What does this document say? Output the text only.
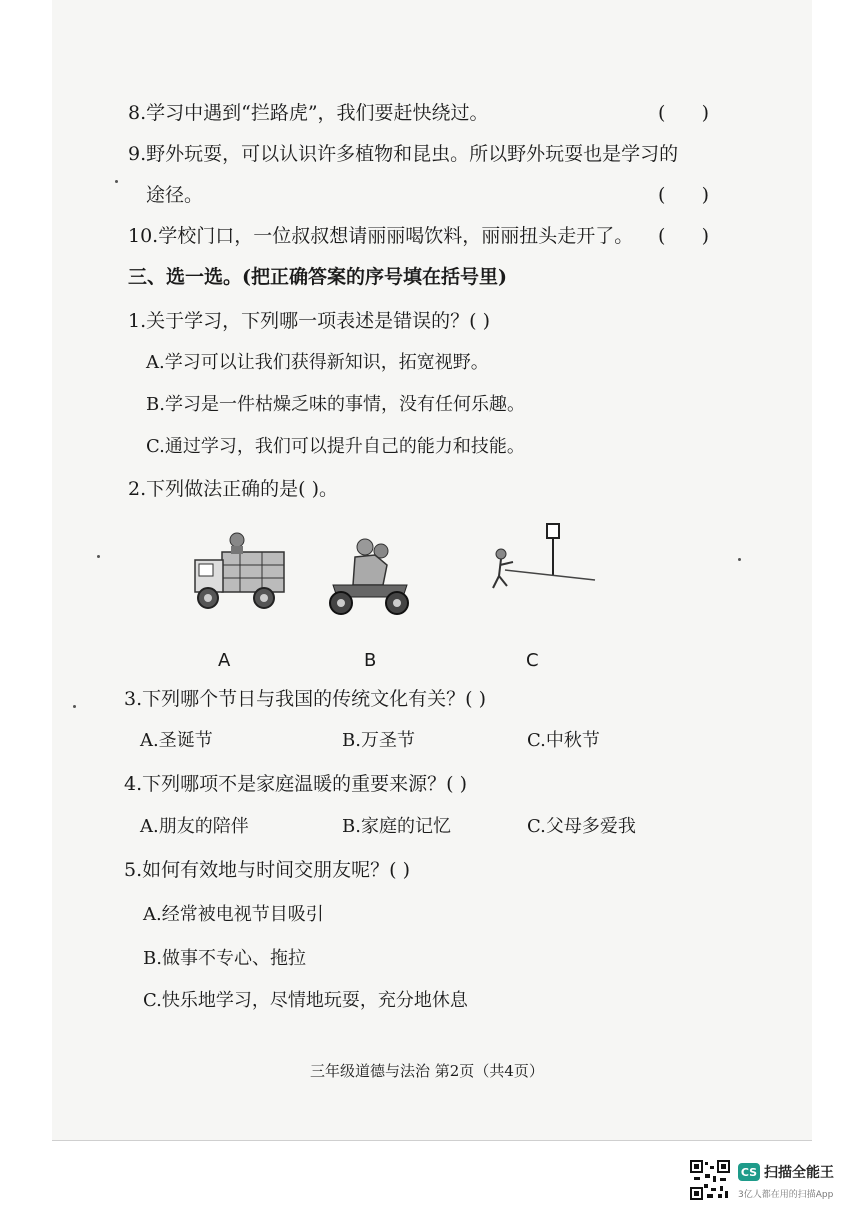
8.学习中遇到“拦路虎”，我们要赶快绕过。	(      )
9.野外玩耍，可以认识许多植物和昆虫。所以野外玩耍也是学习的
途径。	(      )
10.学校门口，一位叔叔想请丽丽喝饮料，丽丽扭头走开了。 (      )
三、选一选。(把正确答案的序号填在括号里)
1.关于学习，下列哪一项表述是错误的？( )
A.学习可以让我们获得新知识，拓宽视野。
B.学习是一件枯燥乏味的事情，没有任何乐趣。
C.通过学习，我们可以提升自己的能力和技能。
2.下列做法正确的是( )。
A	B	C
3.下列哪个节日与我国的传统文化有关？( )
A.圣诞节	B.万圣节	C.中秋节
4.下列哪项不是家庭温暖的重要来源？( )
A.朋友的陪伴	B.家庭的记忆	C.父母多爱我
5.如何有效地与时间交朋友呢？( )
A.经常被电视节目吸引
B.做事不专心、拖拉
C.快乐地学习，尽情地玩耍，充分地休息
三年级道德与法治 第2页（共4页）
CS 扫描全能王
3亿人都在用的扫描App
